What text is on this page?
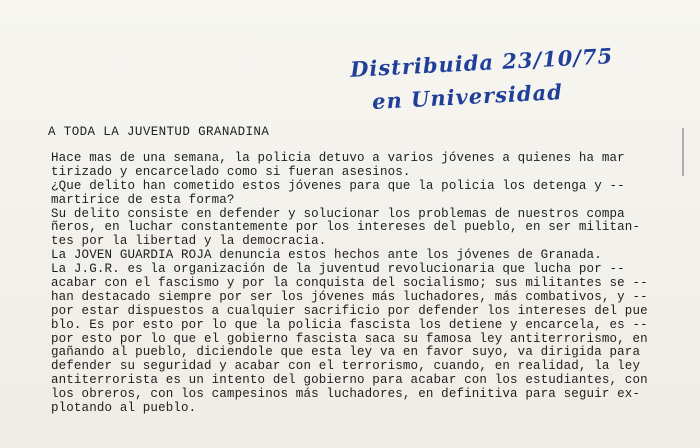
Distribuida 23/10/75
en Universidad
A TODA LA JUVENTUD GRANADINA
Hace mas de una semana, la policia detuvo a varios jóvenes a quienes ha mar
tirizado y encarcelado como si fueran asesinos.
¿Que delito han cometido estos jóvenes para que la policia los detenga y --
martirice de esta forma?
Su delito consiste en defender y solucionar los problemas de nuestros compa
ñeros, en luchar constantemente por los intereses del pueblo, en ser militan-
tes por la libertad y la democracia.
La JOVEN GUARDIA ROJA denuncia estos hechos ante los jóvenes de Granada.
La J.G.R. es la organización de la juventud revolucionaria que lucha por --
acabar con el fascismo y por la conquista del socialismo; sus militantes se --
han destacado siempre por ser los jóvenes más luchadores, más combativos, y --
por estar dispuestos a cualquier sacrificio por defender los intereses del pue
blo. Es por esto por lo que la policia fascista los detiene y encarcela, es --
por esto por lo que el gobierno fascista saca su famosa ley antiterrorismo, en
gañando al pueblo, diciendole que esta ley va en favor suyo, va dirigida para
defender su seguridad y acabar con el terrorismo, cuando, en realidad, la ley
antiterrorista es un intento del gobierno para acabar con los estudiantes, con
los obreros, con los campesinos más luchadores, en definitiva para seguir ex-
plotando al pueblo.
